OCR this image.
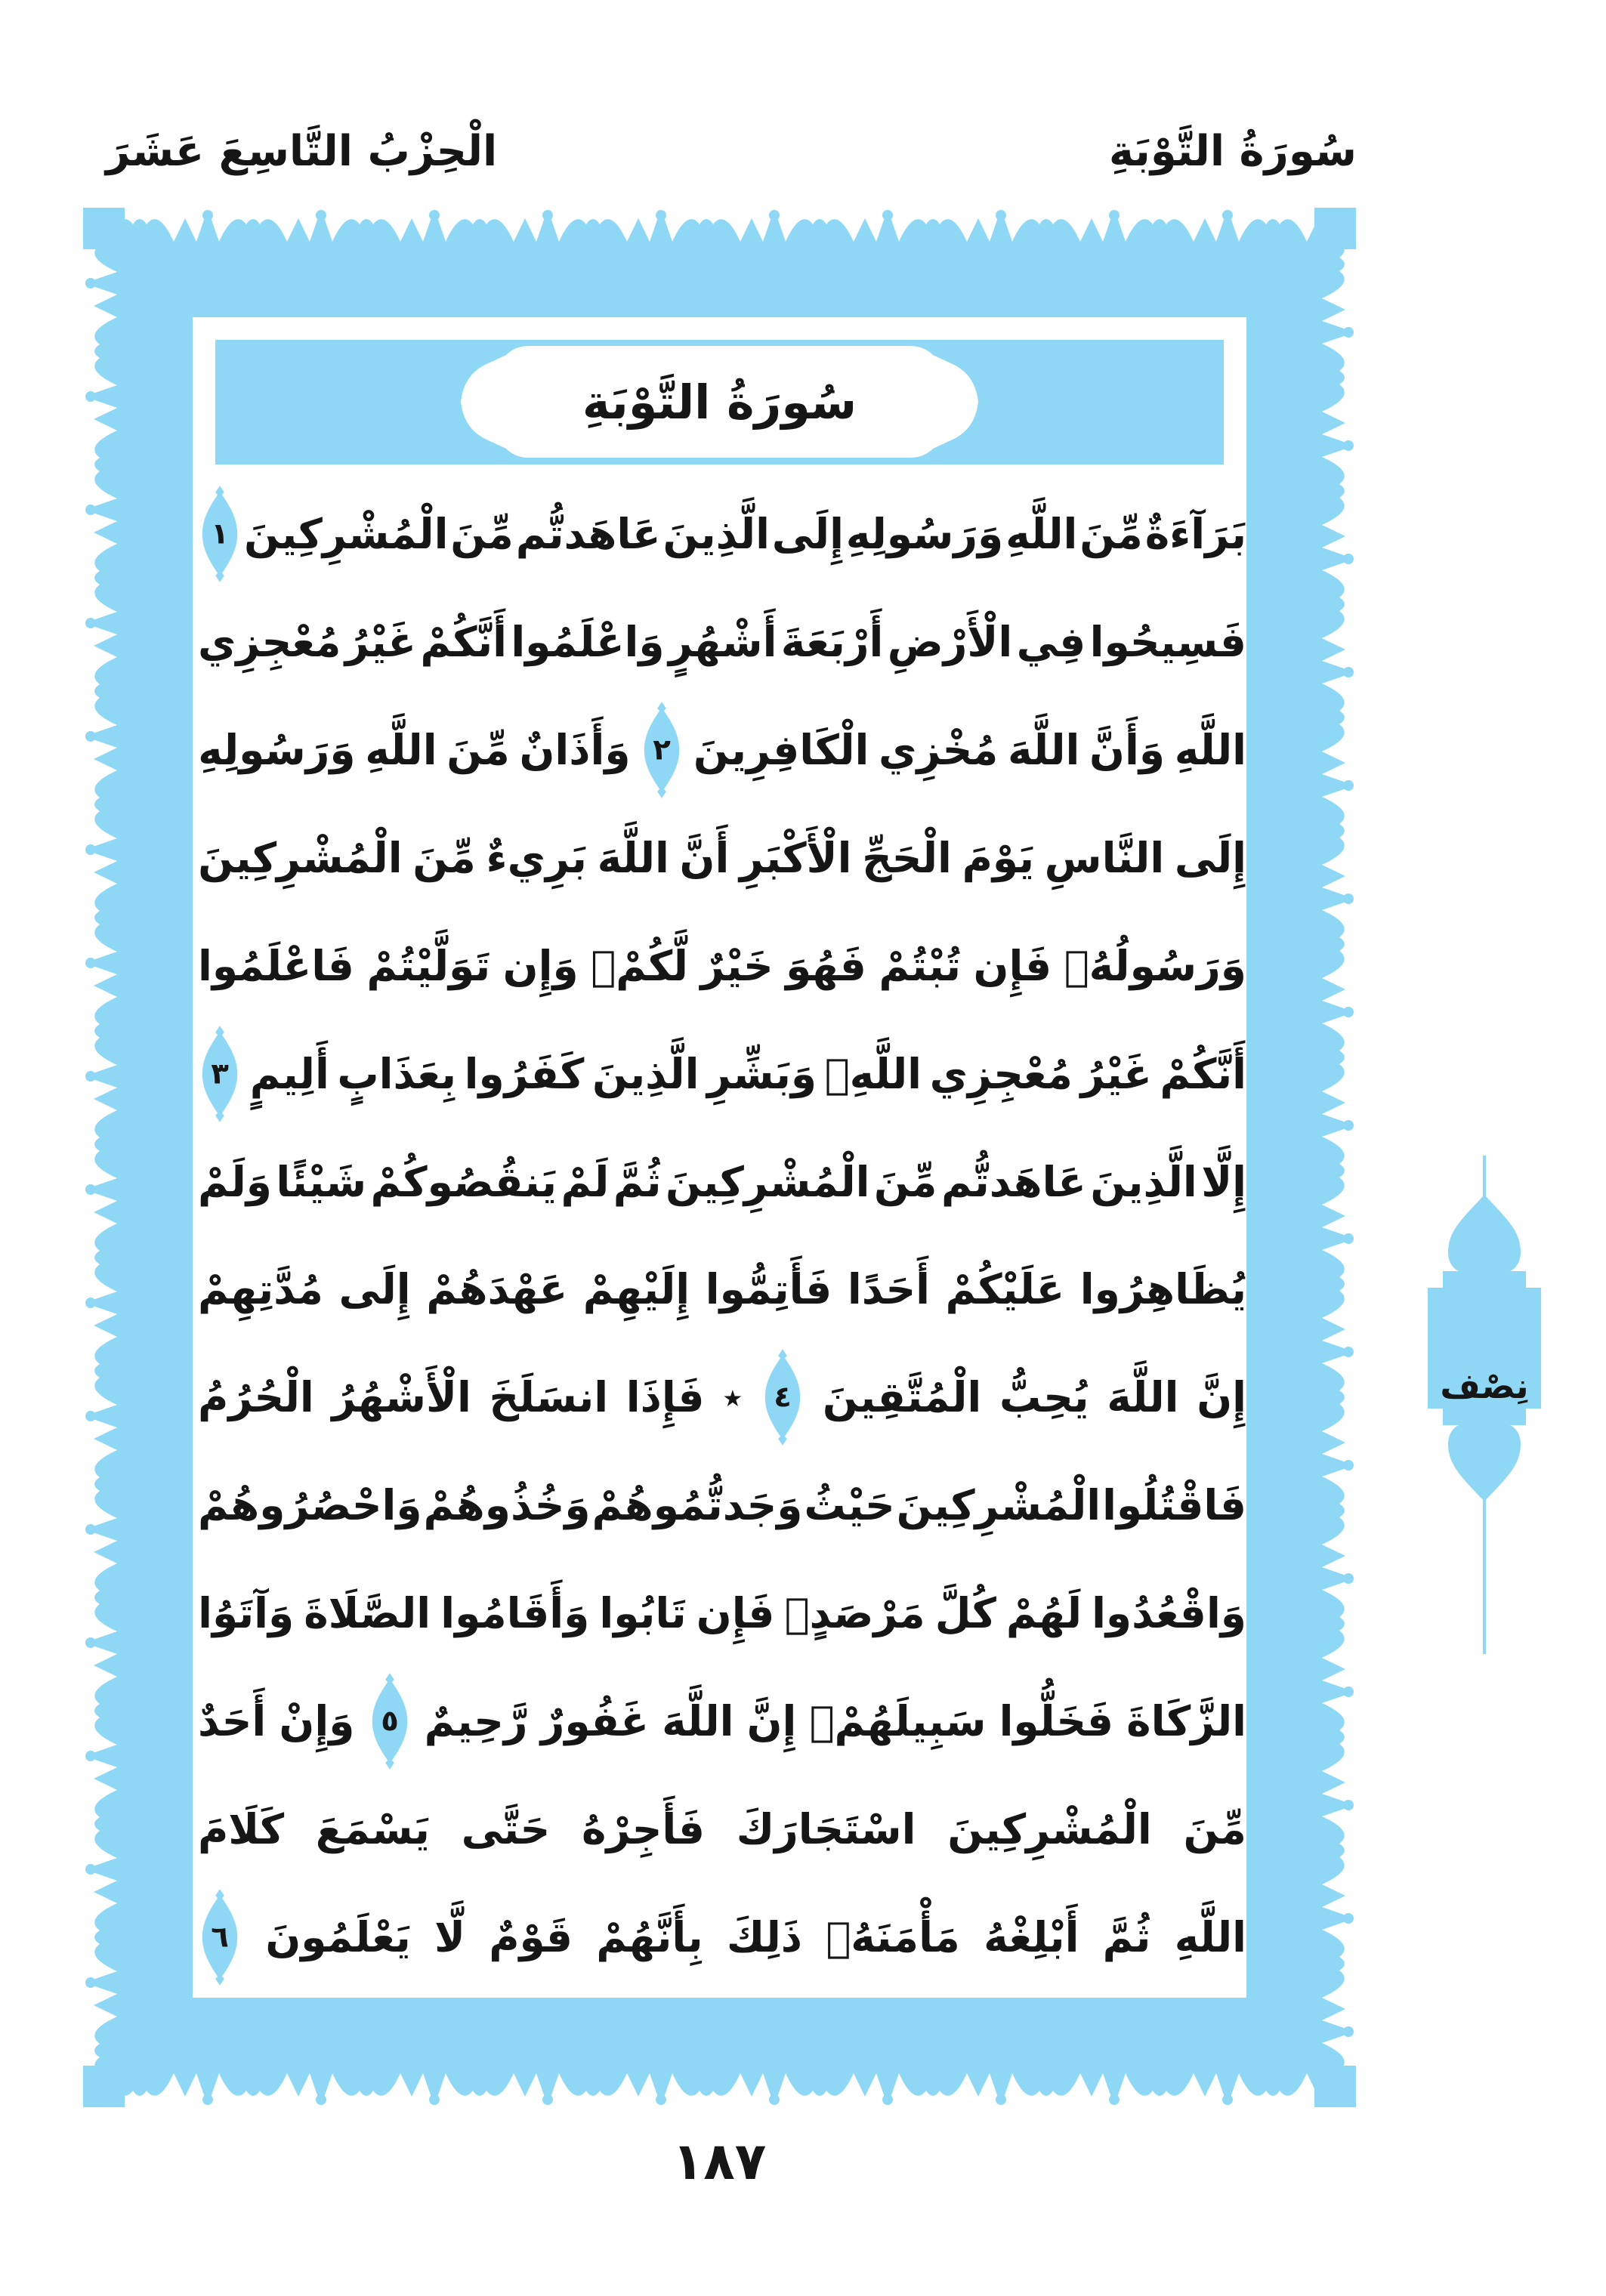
الْحِزْبُ التَّاسِعَ عَشَرَ	سُورَةُ التَّوْبَةِ
سُورَةُ التَّوْبَةِ
بَرَآءَةٌ
مِّنَ
اللَّهِ
وَرَسُولِهِ
إِلَى
الَّذِينَ
عَاهَدتُّم
مِّنَ
الْمُشْرِكِينَ
١
فَسِيحُوا
فِي
الْأَرْضِ
أَرْبَعَةَ
أَشْهُرٍ
وَاعْلَمُوا
أَنَّكُمْ
غَيْرُ
مُعْجِزِي
اللَّهِ
وَأَنَّ
اللَّهَ
مُخْزِي
الْكَافِرِينَ
٢
وَأَذَانٌ
مِّنَ
اللَّهِ
وَرَسُولِهِ
إِلَى
النَّاسِ
يَوْمَ
الْحَجِّ
الْأَكْبَرِ
أَنَّ
اللَّهَ
بَرِيءٌ
مِّنَ
الْمُشْرِكِينَ
وَرَسُولُهُۚ
فَإِن
تُبْتُمْ
فَهُوَ
خَيْرٌ
لَّكُمْۖ
وَإِن
تَوَلَّيْتُمْ
فَاعْلَمُوا
أَنَّكُمْ
غَيْرُ
مُعْجِزِي
اللَّهِۗ
وَبَشِّرِ
الَّذِينَ
كَفَرُوا
بِعَذَابٍ
أَلِيمٍ
٣
إِلَّا
الَّذِينَ
عَاهَدتُّم
مِّنَ
الْمُشْرِكِينَ
ثُمَّ
لَمْ
يَنقُصُوكُمْ
شَيْئًا
وَلَمْ
يُظَاهِرُوا
عَلَيْكُمْ
أَحَدًا
فَأَتِمُّوا
إِلَيْهِمْ
عَهْدَهُمْ
إِلَى
مُدَّتِهِمْ
إِنَّ
اللَّهَ
يُحِبُّ
الْمُتَّقِينَ
٤
٭
فَإِذَا
انسَلَخَ
الْأَشْهُرُ
الْحُرُمُ
فَاقْتُلُوا
الْمُشْرِكِينَ
حَيْثُ
وَجَدتُّمُوهُمْ
وَخُذُوهُمْ
وَاحْصُرُوهُمْ
وَاقْعُدُوا
لَهُمْ
كُلَّ
مَرْصَدٍۚ
فَإِن
تَابُوا
وَأَقَامُوا
الصَّلَاةَ
وَآتَوُا
الزَّكَاةَ
فَخَلُّوا
سَبِيلَهُمْۚ
إِنَّ
اللَّهَ
غَفُورٌ
رَّحِيمٌ
٥
وَإِنْ
أَحَدٌ
مِّنَ
الْمُشْرِكِينَ
اسْتَجَارَكَ
فَأَجِرْهُ
حَتَّى
يَسْمَعَ
كَلَامَ
اللَّهِ
ثُمَّ
أَبْلِغْهُ
مَأْمَنَهُۚ
ذَلِكَ
بِأَنَّهُمْ
قَوْمٌ
لَّا
يَعْلَمُونَ
٦
نِصْف
١٨٧
